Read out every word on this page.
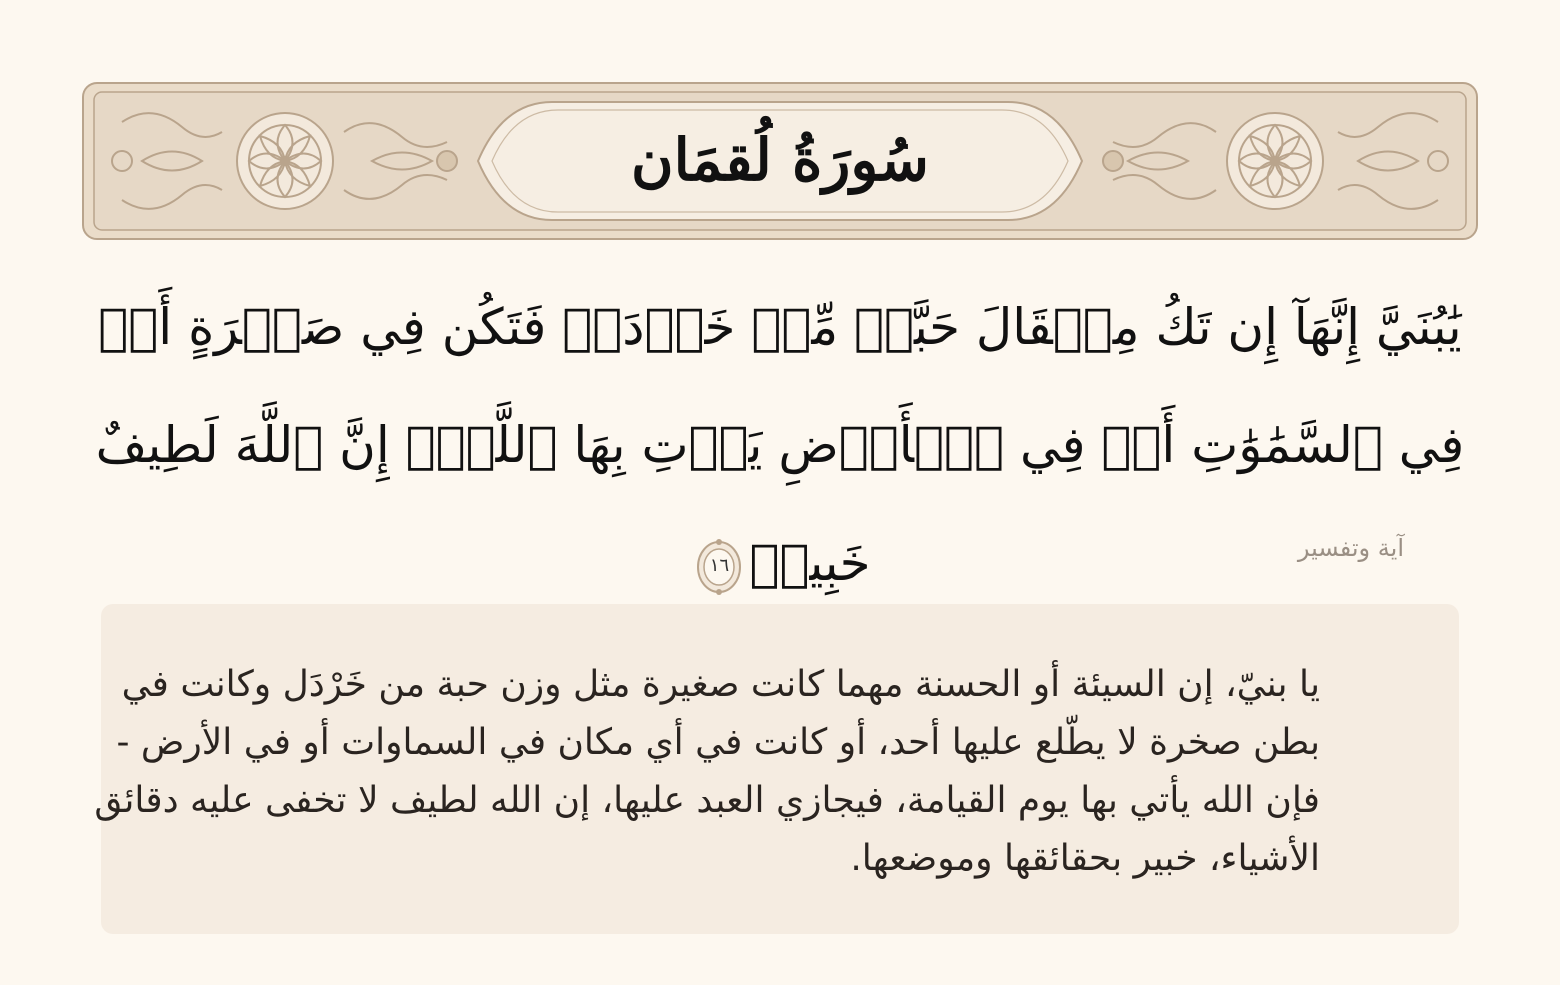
سُورَةُ لُقمَان
يَٰبُنَيَّ إِنَّهَآ إِن تَكُ مِثۡقَالَ حَبَّةٖ مِّنۡ خَرۡدَلٖ فَتَكُن فِي صَخۡرَةٍ أَوۡ فِي ٱلسَّمَٰوَٰتِ أَوۡ فِي ٱلۡأَرۡضِ يَأۡتِ بِهَا ٱللَّهُۚ إِنَّ ٱللَّهَ لَطِيفٌ خَبِيرٞ
١٦
آية وتفسير
يا بنيّ، إن السيئة أو الحسنة مهما كانت صغيرة مثل وزن حبة من خَرْدَل وكانت في بطن صخرة لا يطّلع عليها أحد، أو كانت في أي مكان في السماوات أو في الأرض - فإن الله يأتي بها يوم القيامة، فيجازي العبد عليها، إن الله لطيف لا تخفى عليه دقائق الأشياء، خبير بحقائقها وموضعها.
